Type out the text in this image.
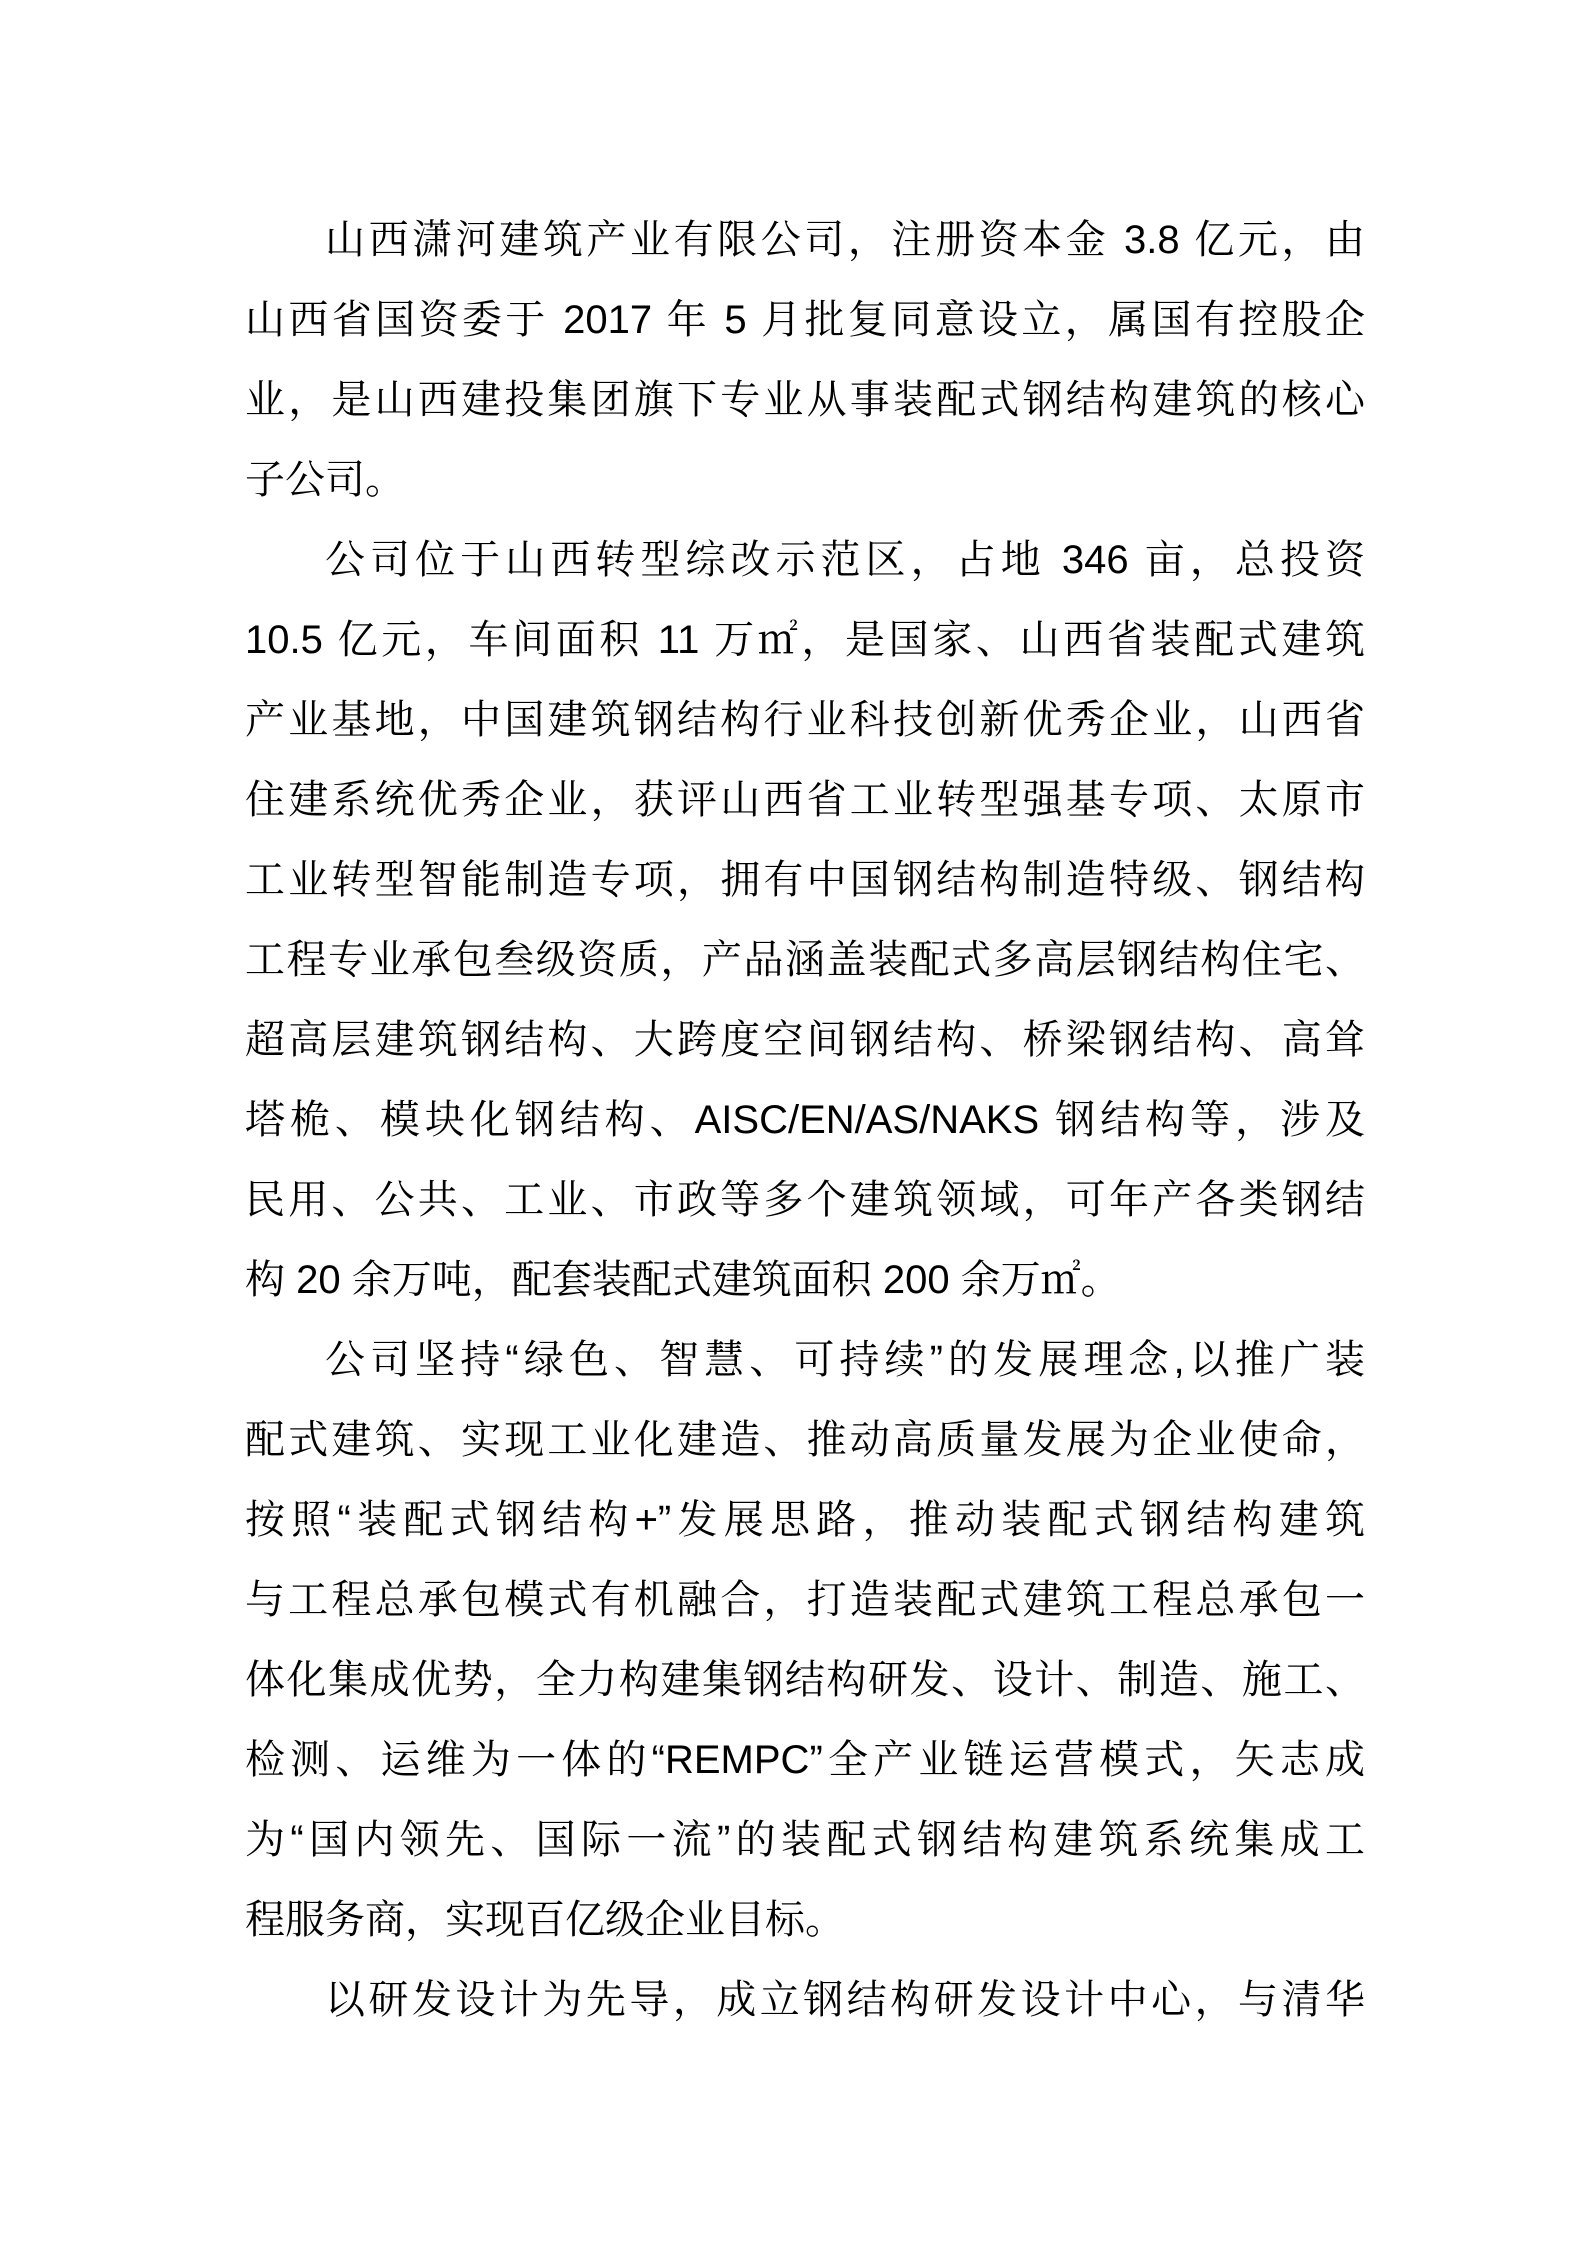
山西潇河建筑产业有限公司，注册资本金 3.8 亿元，由
山西省国资委于 2017 年 5 月批复同意设立，属国有控股企
业，是山西建投集团旗下专业从事装配式钢结构建筑的核心
子公司。
公司位于山西转型综改示范区，占地 346 亩，总投资
10.5 亿元，车间面积 11 万㎡，是国家、山西省装配式建筑
产业基地，中国建筑钢结构行业科技创新优秀企业，山西省
住建系统优秀企业，获评山西省工业转型强基专项、太原市
工业转型智能制造专项，拥有中国钢结构制造特级、钢结构
工程专业承包叁级资质，产品涵盖装配式多高层钢结构住宅、
超高层建筑钢结构、大跨度空间钢结构、桥梁钢结构、高耸
塔桅、模块化钢结构、AISC/EN/AS/NAKS 钢结构等，涉及
民用、公共、工业、市政等多个建筑领域，可年产各类钢结
构 20 余万吨，配套装配式建筑面积 200 余万㎡。
公司坚持“绿色、智慧、可持续”的发展理念,以推广装
配式建筑、实现工业化建造、推动高质量发展为企业使命，
按照“装配式钢结构+”发展思路，推动装配式钢结构建筑
与工程总承包模式有机融合，打造装配式建筑工程总承包一
体化集成优势，全力构建集钢结构研发、设计、制造、施工、
检测、运维为一体的“REMPC”全产业链运营模式，矢志成
为“国内领先、国际一流”的装配式钢结构建筑系统集成工
程服务商，实现百亿级企业目标。
以研发设计为先导，成立钢结构研发设计中心，与清华
